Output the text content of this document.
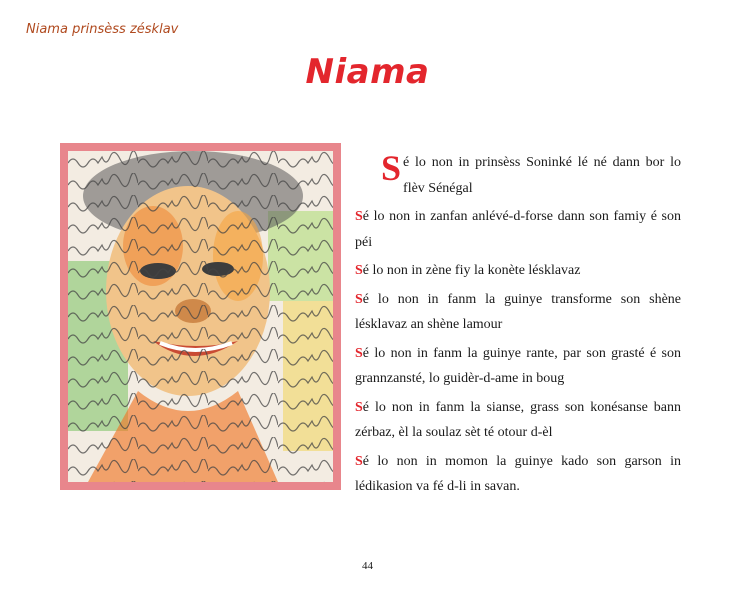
Niama prinsèss zésklav
Niama

Sé lo non in prinsèss Soninké lé né dann bor lo flèv Sénégal

Sé lo non in zanfan anlévé-d-forse dann son famiy é son péi

Sé lo non in zène fiy la konète lésklavaz

Sé lo non in fanm la guinye transforme son shène lésklavaz an shène lamour

Sé lo non in fanm la guinye rante, par son grasté é son grannzansté, lo guidèr-d-ame in boug

Sé lo non in fanm la sianse, grass son konésanse bann zérbaz, èl la soulaz sèt té otour d-èl

Sé lo non in momon la guinye kado son garson in lédikasion va fé d-li in savan.

44
